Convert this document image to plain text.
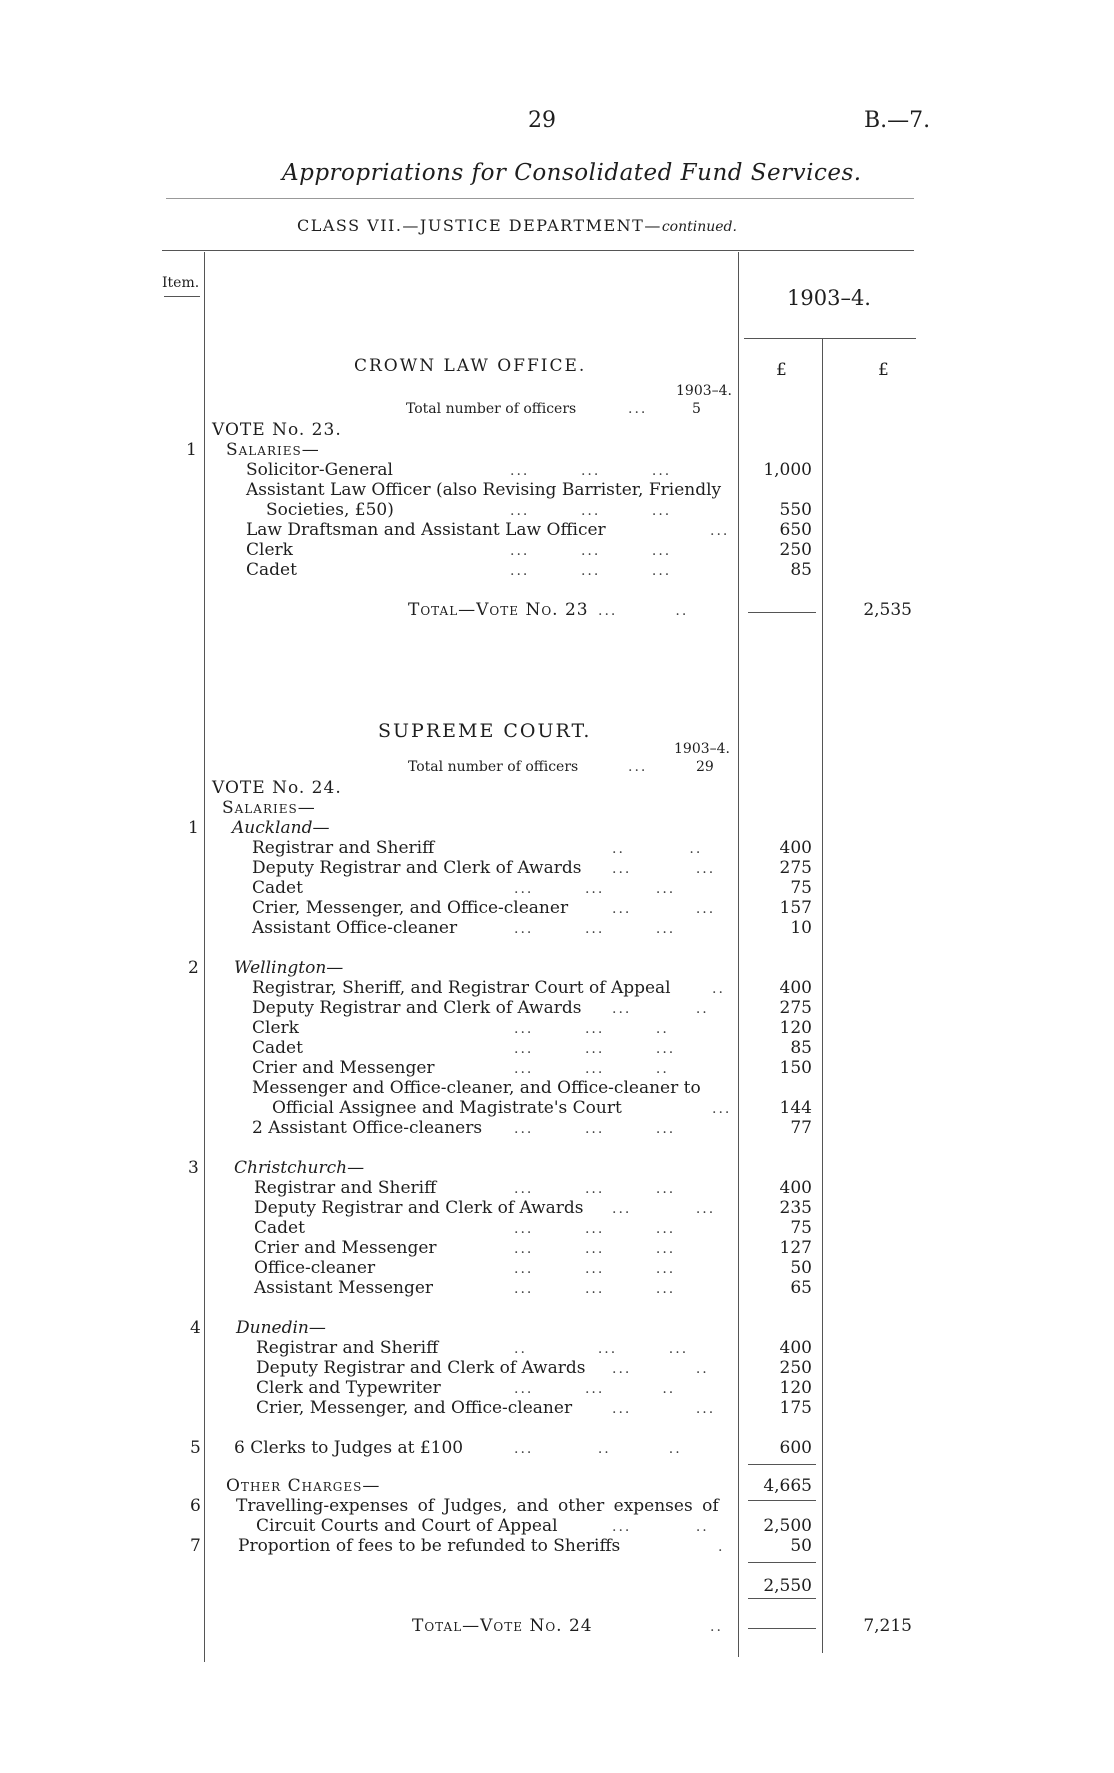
29	B.—7.
Appropriations for Consolidated Fund Services.
CLASS VII.—JUSTICE DEPARTMENT—continued.
Item.
1903–4.
£	£
CROWN LAW OFFICE.
1903–4.
Total number of officers	...	5
VOTE No. 23.
1 Salaries—
Solicitor-General	...        ...        ...	1,000
Assistant Law Officer (also Revising Barrister, Friendly
Societies, £50)	...        ...        ...	550
Law Draftsman and Assistant Law Officer	...	650
Clerk	...        ...        ...	250
Cadet	...        ...        ...	85
Total—Vote No. 23 ...         ..	2,535
SUPREME COURT.
1903–4.
Total number of officers	...	29
VOTE No. 24.
Salaries—
1 Auckland—
Registrar and Sheriff	..          ..	400
Deputy Registrar and Clerk of Awards ...          ...	275
Cadet	...        ...        ...	75
Crier, Messenger, and Office-cleaner	...          ...	157
Assistant Office-cleaner	...        ...        ...	10
2 Wellington—
Registrar, Sheriff, and Registrar Court of Appeal	..	400
Deputy Registrar and Clerk of Awards ...          ..	275
Clerk	...        ...        ..	120
Cadet	...        ...        ...	85
Crier and Messenger	...        ...        ..	150
Messenger and Office-cleaner, and Office-cleaner to
Official Assignee and Magistrate's Court	...	144
2 Assistant Office-cleaners ...        ...        ...	77
3 Christchurch—
Registrar and Sheriff	...        ...        ...	400
Deputy Registrar and Clerk of Awards ...          ...	235
Cadet	...        ...        ...	75
Crier and Messenger	...        ...        ...	127
Office-cleaner	...        ...        ...	50
Assistant Messenger	...        ...        ...	65
4 Dunedin—
Registrar and Sheriff	..           ...        ...	400
Deputy Registrar and Clerk of Awards ...          ..	250
Clerk and Typewriter	...        ...         ..	120
Crier, Messenger, and Office-cleaner	...          ...	175
5 6 Clerks to Judges at £100	...          ..         ..	600
Other Charges—	4,665
6 Travelling-expenses of Judges, and other expenses of
Circuit Courts and Court of Appeal	...          ..	2,500
7 Proportion of fees to be refunded to Sheriffs	.	50
2,550
Total—Vote No. 24	..	7,215
